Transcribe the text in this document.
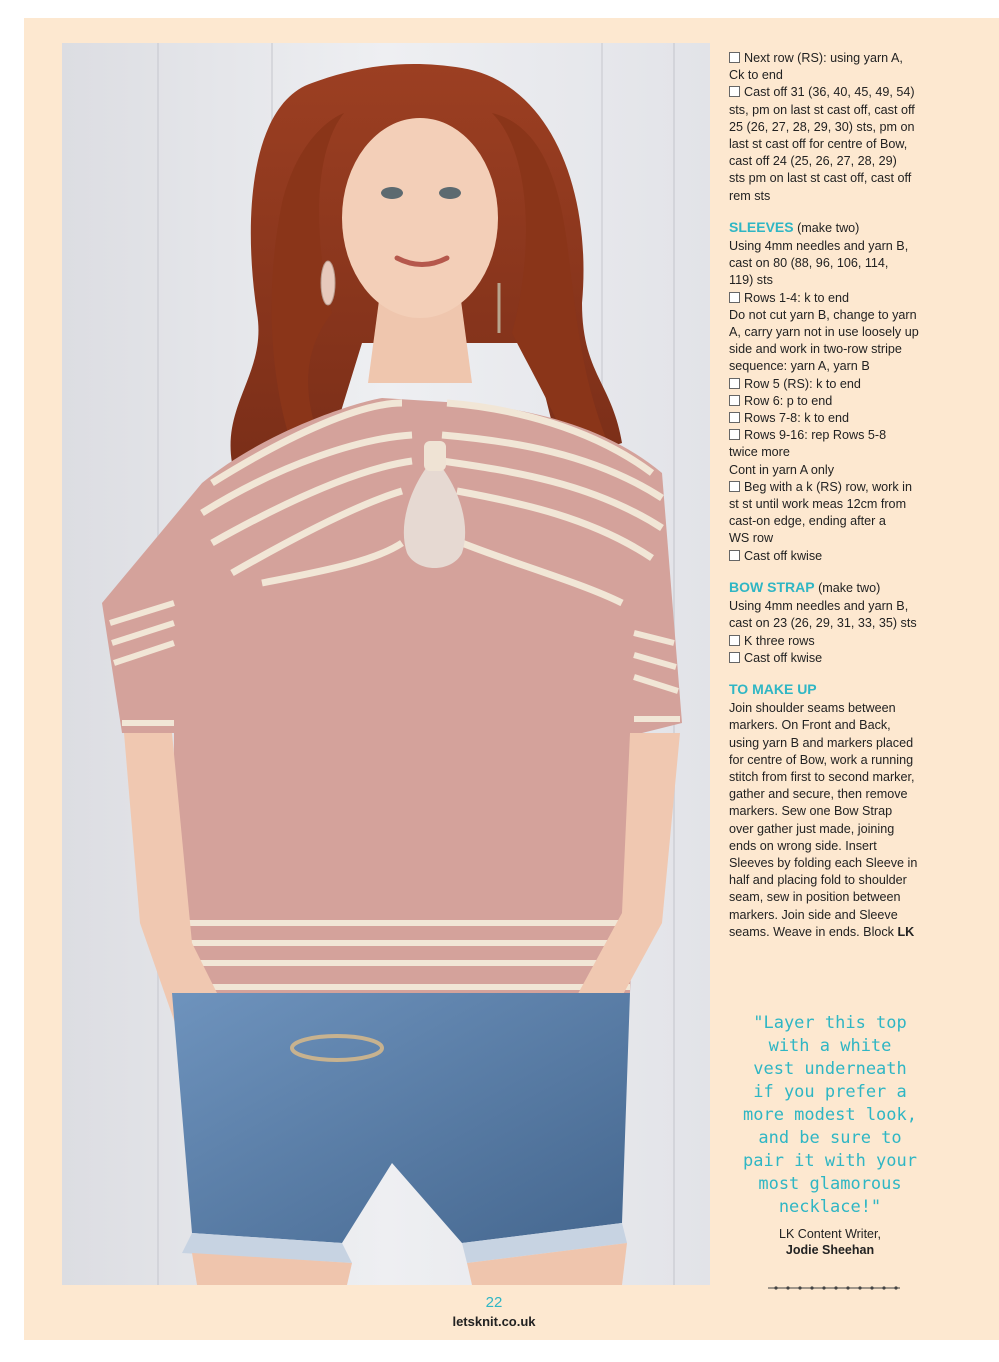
Next row (RS): using yarn A,
Ck to end
Cast off 31 (36, 40, 45, 49, 54)
sts, pm on last st cast off, cast off
25 (26, 27, 28, 29, 30) sts, pm on
last st cast off for centre of Bow,
cast off 24 (25, 26, 27, 28, 29)
sts pm on last st cast off, cast off
rem sts

SLEEVES (make two)

Using 4mm needles and yarn B,
cast on 80 (88, 96, 106, 114,
119) sts
Rows 1-4: k to end
Do not cut yarn B, change to yarn
A, carry yarn not in use loosely up
side and work in two-row stripe
sequence: yarn A, yarn B
Row 5 (RS): k to end
Row 6: p to end
Rows 7-8: k to end
Rows 9-16: rep Rows 5-8
twice more
Cont in yarn A only
Beg with a k (RS) row, work in
st st until work meas 12cm from
cast-on edge, ending after a
WS row
Cast off kwise

BOW STRAP (make two)

Using 4mm needles and yarn B,
cast on 23 (26, 29, 31, 33, 35) sts
K three rows
Cast off kwise

TO MAKE UP

Join shoulder seams between
markers. On Front and Back,
using yarn B and markers placed
for centre of Bow, work a running
stitch from first to second marker,
gather and secure, then remove
markers. Sew one Bow Strap
over gather just made, joining
ends on wrong side. Insert
Sleeves by folding each Sleeve in
half and placing fold to shoulder
seam, sew in position between
markers. Join side and Sleeve

seams. Weave in ends. Block LK

"Layer this top
with a white
vest underneath
if you prefer a
more modest look,
and be sure to
pair it with your
most glamorous
necklace!"
LK Content Writer,
Jodie Sheehan
22
letsknit.co.uk
